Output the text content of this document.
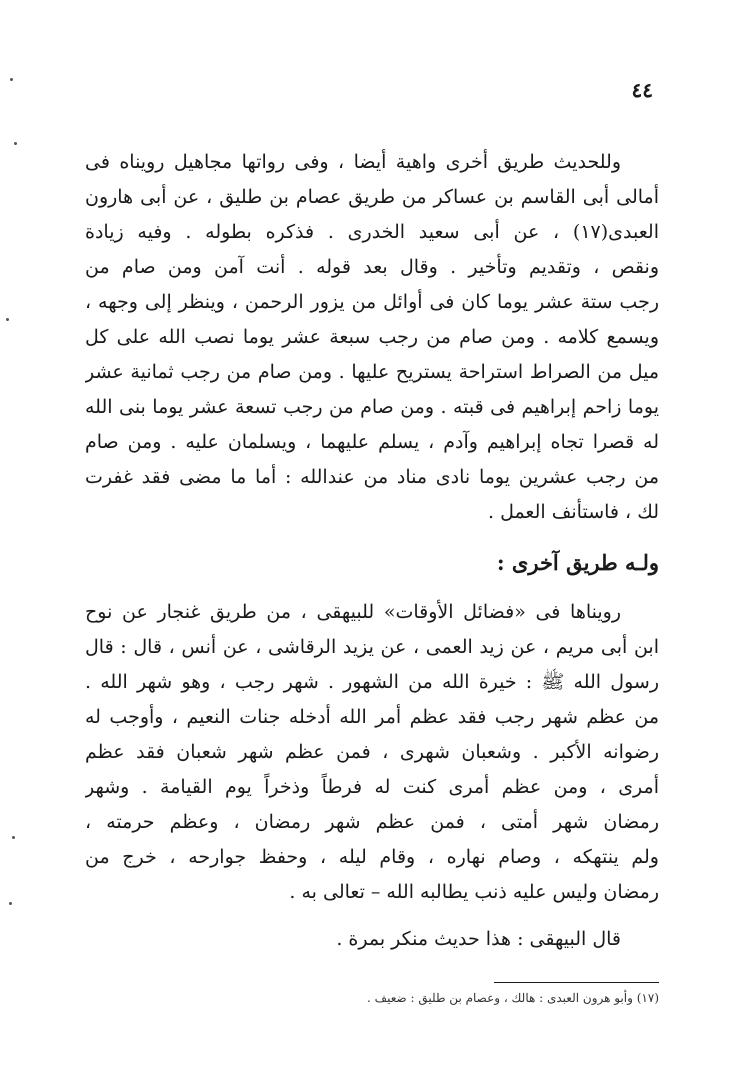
٤٤
وللحديث طريق أخرى واهية أيضا ، وفى رواتها مجاهيل رويناه فى
أمالى أبى القاسم بن عساكر من طريق عصام بن طليق ، عن أبى هارون
العبدى(١٧) ، عن أبى سعيد الخدرى . فذكره بطوله . وفيه زيادة
ونقص ، وتقديم وتأخير . وقال بعد قوله . أنت آمن ومن صام من
رجب ستة عشر يوما كان فى أوائل من يزور الرحمن ، وينظر إلى وجهه ،
ويسمع كلامه . ومن صام من رجب سبعة عشر يوما نصب الله على كل
ميل من الصراط استراحة يستريح عليها . ومن صام من رجب ثمانية عشر
يوما زاحم إبراهيم فى قبته . ومن صام من رجب تسعة عشر يوما بنى الله
له قصرا تجاه إبراهيم وآدم ، يسلم عليهما ، ويسلمان عليه . ومن صام
من رجب عشرين يوما نادى مناد من عندالله : أما ما مضى فقد غفرت
لك ، فاستأنف العمل .
ولـه طريق آخرى :
رويناها فى «فضائل الأوقات» للبيهقى ، من طريق غنجار عن نوح
ابن أبى مريم ، عن زيد العمى ، عن يزيد الرقاشى ، عن أنس ، قال : قال
رسول الله ﷺ : خيرة الله من الشهور . شهر رجب ، وهو شهر الله .
من عظم شهر رجب فقد عظم أمر الله أدخله جنات النعيم ، وأوجب له
رضوانه الأكبر . وشعبان شهرى ، فمن عظم شهر شعبان فقد عظم
أمرى ، ومن عظم أمرى كنت له فرطاً وذخراً يوم القيامة . وشهر
رمضان شهر أمتى ، فمن عظم شهر رمضان ، وعظم حرمته ،
ولم ينتهكه ، وصام نهاره ، وقام ليله ، وحفظ جوارحه ، خرج من
رمضان وليس عليه ذنب يطالبه الله – تعالى به .
قال البيهقى : هذا حديث منكر بمرة .
(١٧) وأبو هرون العبدى : هالك ، وعصام بن طليق : ضعيف .
